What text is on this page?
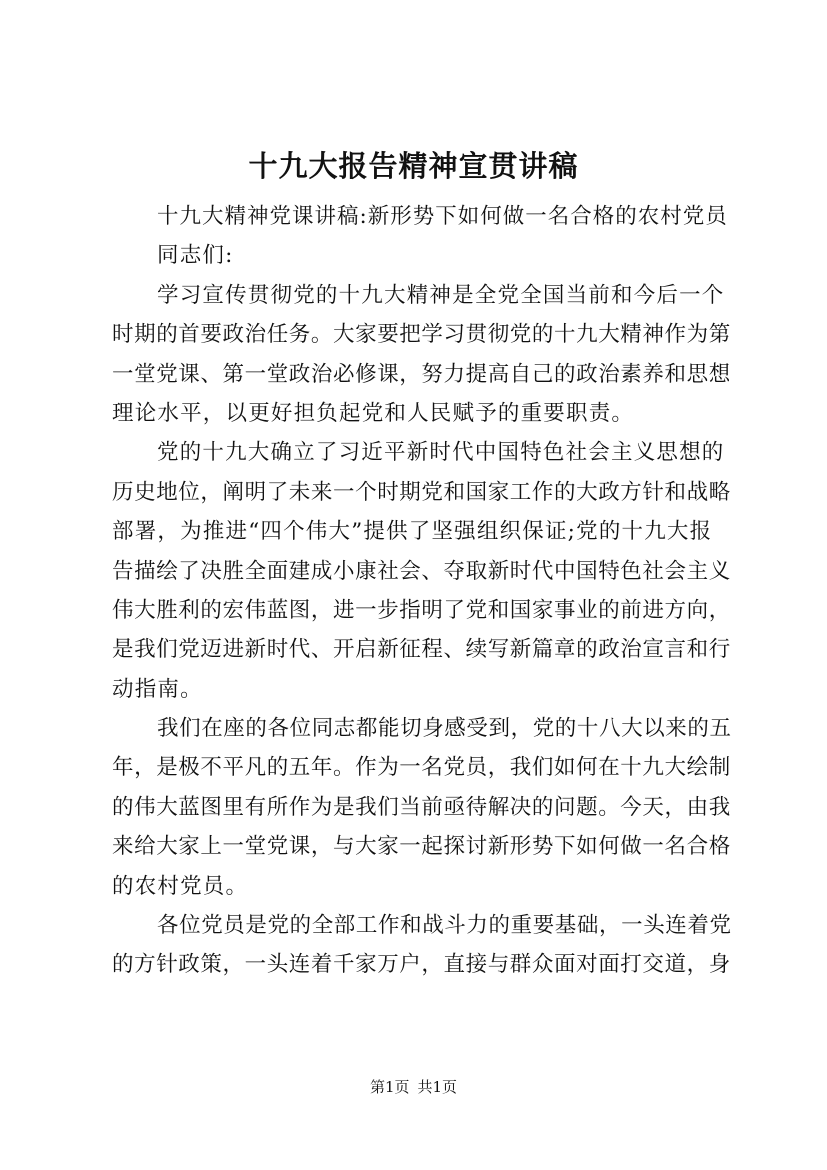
十九大报告精神宣贯讲稿
十九大精神党课讲稿:新形势下如何做一名合格的农村党员
同志们:
学习宣传贯彻党的十九大精神是全党全国当前和今后一个
时期的首要政治任务。大家要把学习贯彻党的十九大精神作为第
一堂党课、第一堂政治必修课，努力提高自己的政治素养和思想
理论水平，以更好担负起党和人民赋予的重要职责。
党的十九大确立了习近平新时代中国特色社会主义思想的
历史地位，阐明了未来一个时期党和国家工作的大政方针和战略
部署，为推进“四个伟大”提供了坚强组织保证;党的十九大报
告描绘了决胜全面建成小康社会、夺取新时代中国特色社会主义
伟大胜利的宏伟蓝图，进一步指明了党和国家事业的前进方向，
是我们党迈进新时代、开启新征程、续写新篇章的政治宣言和行
动指南。
我们在座的各位同志都能切身感受到，党的十八大以来的五
年，是极不平凡的五年。作为一名党员，我们如何在十九大绘制
的伟大蓝图里有所作为是我们当前亟待解决的问题。今天，由我
来给大家上一堂党课，与大家一起探讨新形势下如何做一名合格
的农村党员。
各位党员是党的全部工作和战斗力的重要基础，一头连着党
的方针政策，一头连着千家万户，直接与群众面对面打交道，身
第1页 共1页
